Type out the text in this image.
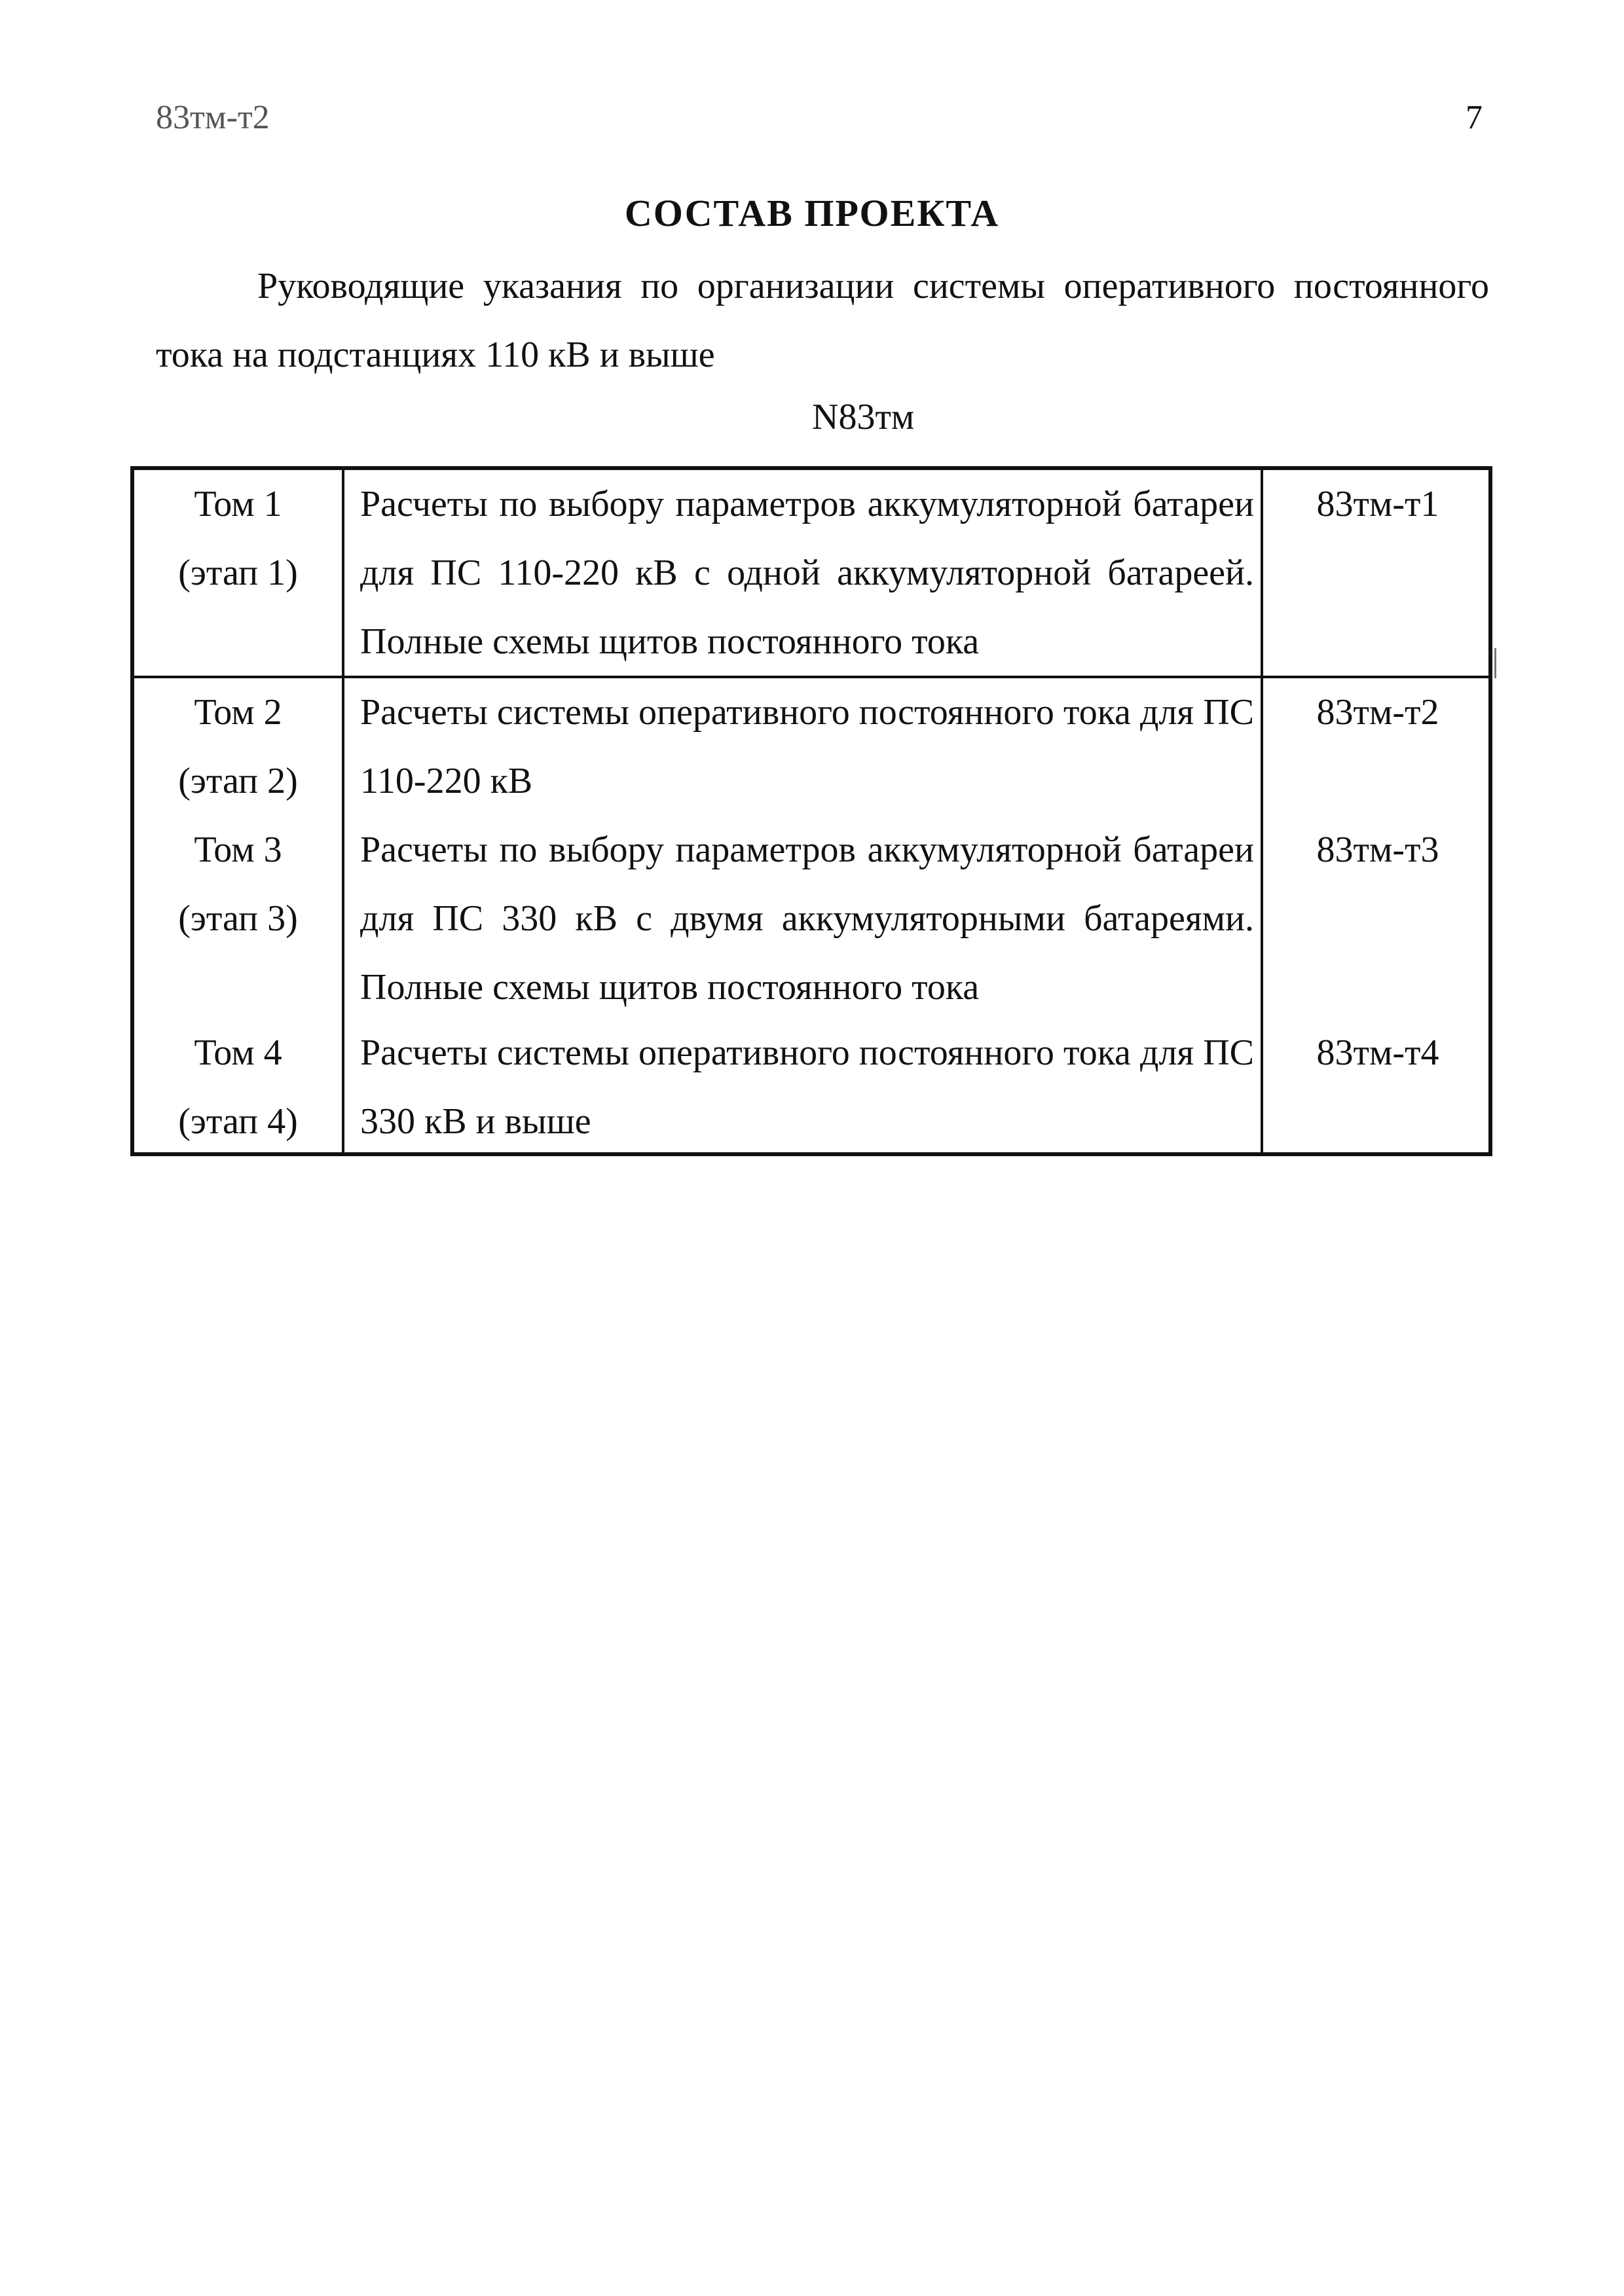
83тм-т2	7
СОСТАВ ПРОЕКТА
Руководящие указания по организации системы оперативного постоянного тока на подстанциях 110 кВ и выше
N83тм
Том 1
(этап 1)
Расчеты по выбору параметров аккумуляторной батареи для ПС 110-220 кВ с одной аккумуляторной батареей. Полные схемы щитов постоянного тока
83тм-т1
Том 2
(этап 2)
Расчеты системы оперативного постоянного тока для ПС 110-220 кВ
83тм-т2
Том 3
(этап 3)
Расчеты по выбору параметров аккумуляторной батареи для ПС 330 кВ с двумя аккумуляторными батареями. Полные схемы щитов постоянного тока
83тм-т3
Том 4
(этап 4)
Расчеты системы оперативного постоянного тока для ПС 330 кВ и выше
83тм-т4
